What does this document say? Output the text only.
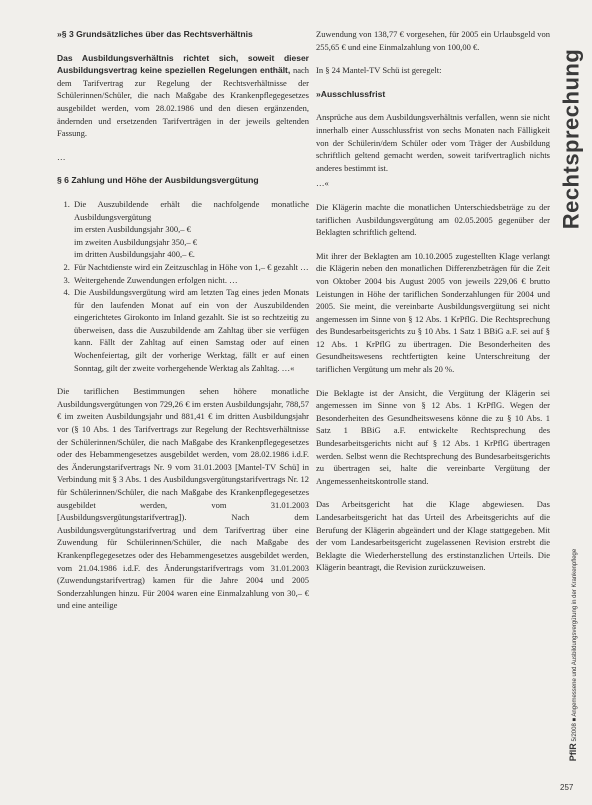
»§ 3 Grundsätzliches über das Rechtsverhältnis

Das Ausbildungsverhältnis richtet sich, soweit dieser Ausbildungsvertrag keine speziellen Regelungen enthält, nach dem Tarifvertrag zur Regelung der Rechtsverhältnisse der Schülerinnen/Schüler, die nach Maßgabe des Krankenpflegegesetzes ausgebildet werden, vom 28.02.1986 und den diesen ergänzenden, ändernden und ersetzenden Tarifverträgen in der jeweils geltenden Fassung.

…
§ 6 Zahlung und Höhe der Ausbildungsvergütung
1. Die Auszubildende erhält die nachfolgende monatliche Ausbildungsvergütung
im ersten Ausbildungsjahr 300,– €
im zweiten Ausbildungsjahr 350,– €
im dritten Ausbildungsjahr 400,– €.
2. Für Nachtdienste wird ein Zeitzuschlag in Höhe von 1,– € gezahlt …
3. Weitergehende Zuwendungen erfolgen nicht. …
4. Die Ausbildungsvergütung wird am letzten Tag eines jeden Monats für den laufenden Monat auf ein von der Auszubildenden eingerichtetes Girokonto im Inland gezahlt. Sie ist so rechtzeitig zu überweisen, dass die Auszubildende am Zahltag über sie verfügen kann. Fällt der Zahltag auf einen Samstag oder auf einen Wochenfeiertag, gilt der vorherige Werktag, fällt er auf einen Sonntag, gilt der zweite vorhergehende Werktag als Zahltag. …«

Die tariflichen Bestimmungen sehen höhere monatliche Ausbildungsvergütungen von 729,26 € im ersten Ausbildungsjahr, 788,57 € im zweiten Ausbildungsjahr und 881,41 € im dritten Ausbildungsjahr vor (§ 10 Abs. 1 des Tarifvertrags zur Regelung der Rechtsverhältnisse der Schülerinnen/Schüler, die nach Maßgabe des Krankenpflegegesetzes oder des Hebammengesetzes ausgebildet werden, vom 28.02.1986 i.d.F. des Änderungstarifvertrags Nr. 9 vom 31.01.2003 [Mantel-TV Schü] in Verbindung mit § 3 Abs. 1 des Ausbildungsvergütungstarifvertrags Nr. 12 für Schülerinnen/Schüler, die nach Maßgabe des Krankenpflegegesetzes ausgebildet werden, vom 31.01.2003 [Ausbildungsvergütungstarifvertrag]). Nach dem Ausbildungsvergütungstarifvertrag und dem Tarifvertrag über eine Zuwendung für Schülerinnen/Schüler, die nach Maßgabe des Krankenpflegegesetzes oder des Hebammengesetzes ausgebildet werden, vom 21.04.1986 i.d.F. des Änderungstarifvertrags vom 31.01.2003 (Zuwendungstarifvertrag) kamen für die Jahre 2004 und 2005 Sonderzahlungen hinzu. Für 2004 waren eine Einmalzahlung von 30,– € und eine anteilige

Zuwendung von 138,77 € vorgesehen, für 2005 ein Urlaubsgeld von 255,65 € und eine Einmalzahlung von 100,00 €.

In § 24 Mantel-TV Schü ist geregelt:

»Ausschlussfrist

Ansprüche aus dem Ausbildungsverhältnis verfallen, wenn sie nicht innerhalb einer Ausschlussfrist von sechs Monaten nach Fälligkeit von der Schülerin/dem Schüler oder vom Träger der Ausbildung schriftlich geltend gemacht werden, soweit tarifvertraglich nichts anderes bestimmt ist.

…«

Die Klägerin machte die monatlichen Unterschiedsbeträge zu der tariflichen Ausbildungsvergütung am 02.05.2005 gegenüber der Beklagten schriftlich geltend.

Mit ihrer der Beklagten am 10.10.2005 zugestellten Klage verlangt die Klägerin neben den monatlichen Differenzbeträgen für die Zeit von Oktober 2004 bis August 2005 von jeweils 229,06 € brutto Leistungen in Höhe der tariflichen Sonderzahlungen für 2004 und 2005. Sie meint, die vereinbarte Ausbildungsvergütung sei nicht angemessen im Sinne von § 12 Abs. 1 KrPflG. Die Rechtsprechung des Bundesarbeitsgerichts zu § 10 Abs. 1 Satz 1 BBiG a.F. sei auf § 12 Abs. 1 KrPflG zu übertragen. Die Besonderheiten des Gesundheitswesens rechtfertigten keine Unterschreitung der tariflichen Vergütung um mehr als 20 %.

Die Beklagte ist der Ansicht, die Vergütung der Klägerin sei angemessen im Sinne von § 12 Abs. 1 KrPflG. Wegen der Besonderheiten des Gesundheitswesens könne die zu § 10 Abs. 1 Satz 1 BBiG a.F. entwickelte Rechtsprechung des Bundesarbeitsgerichts nicht auf § 12 Abs. 1 KrPflG übertragen werden. Selbst wenn die Rechtsprechung des Bundesarbeitsgerichts zu übertragen sei, halte die vereinbarte Vergütung der Angemessenheitskontrolle stand.

Das Arbeitsgericht hat die Klage abgewiesen. Das Landesarbeitsgericht hat das Urteil des Arbeitsgerichts auf die Berufung der Klägerin abgeändert und der Klage stattgegeben. Mit der vom Landesarbeitsgericht zugelassenen Revision erstrebt die Beklagte die Wiederherstellung des erstinstanzlichen Urteils. Die Klägerin beantragt, die Revision zurückzuweisen.

Rechtsprechung
PflR 5/2008 ■ Angemessene und Ausbildungsvergütung in der Krankenpflege
257
